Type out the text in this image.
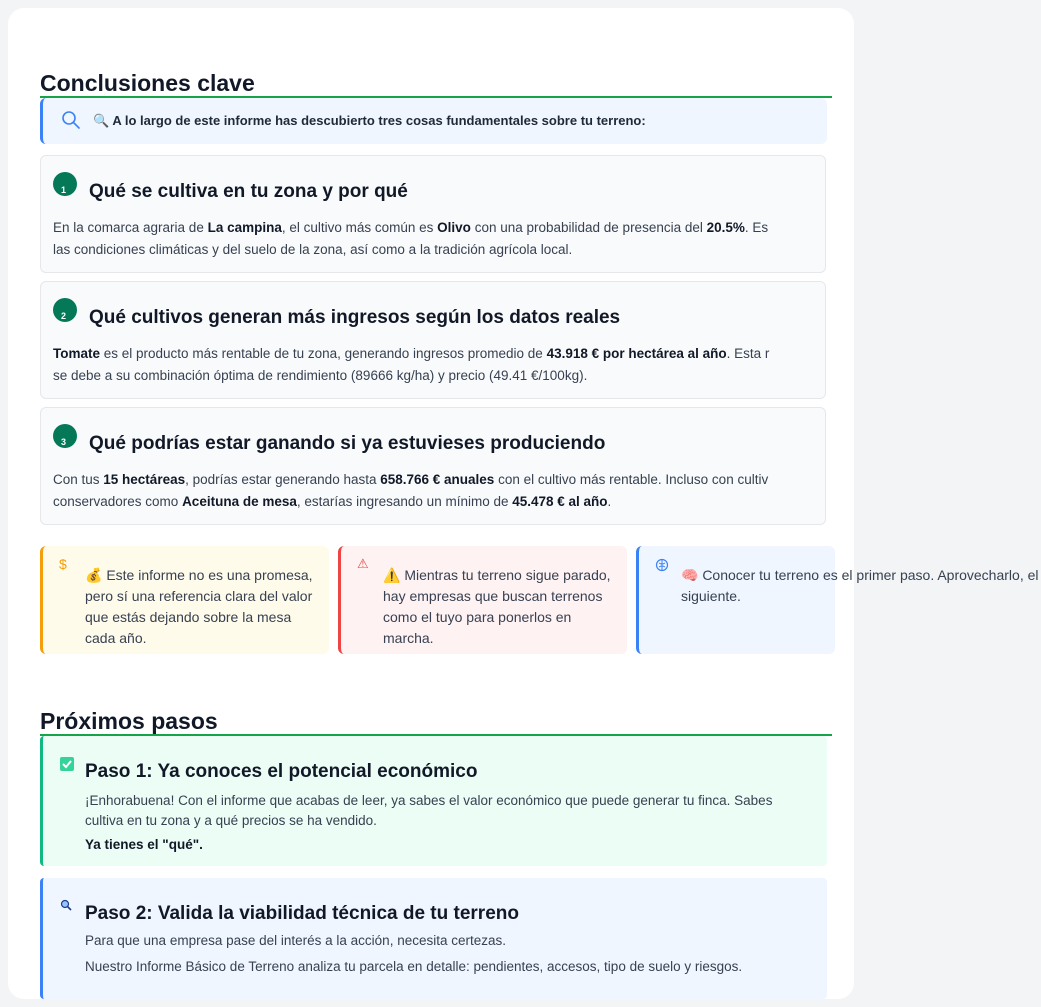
Conclusiones clave
🔍 A lo largo de este informe has descubierto tres cosas fundamentales sobre tu terreno:
1 Qué se cultiva en tu zona y por qué

En la comarca agraria de La campina, el cultivo más común es Olivo con una probabilidad de presencia del 20.5%. Es

las condiciones climáticas y del suelo de la zona, así como a la tradición agrícola local.

2 Qué cultivos generan más ingresos según los datos reales

Tomate es el producto más rentable de tu zona, generando ingresos promedio de 43.918 € por hectárea al año. Esta r

se debe a su combinación óptima de rendimiento (89666 kg/ha) y precio (49.41 €/100kg).

3 Qué podrías estar ganando si ya estuvieses produciendo

Con tus 15 hectáreas, podrías estar generando hasta 658.766 € anuales con el cultivo más rentable. Incluso con cultiv

conservadores como Aceituna de mesa, estarías ingresando un mínimo de 45.478 € al año.

$
💰 Este informe no es una promesa, pero sí una referencia clara del valor que estás dejando sobre la mesa cada año.
⚠
⚠️ Mientras tu terreno sigue parado, hay empresas que buscan terrenos como el tuyo para ponerlos en marcha.
🧠 Conocer tu terreno es el primer paso. Aprovecharlo, el siguiente.
Próximos pasos
Paso 1: Ya conoces el potencial económico

¡Enhorabuena! Con el informe que acabas de leer, ya sabes el valor económico que puede generar tu finca. Sabes

cultiva en tu zona y a qué precios se ha vendido.

Ya tienes el "qué".

Paso 2: Valida la viabilidad técnica de tu terreno

Para que una empresa pase del interés a la acción, necesita certezas.

Nuestro Informe Básico de Terreno analiza tu parcela en detalle: pendientes, accesos, tipo de suelo y riesgos.
